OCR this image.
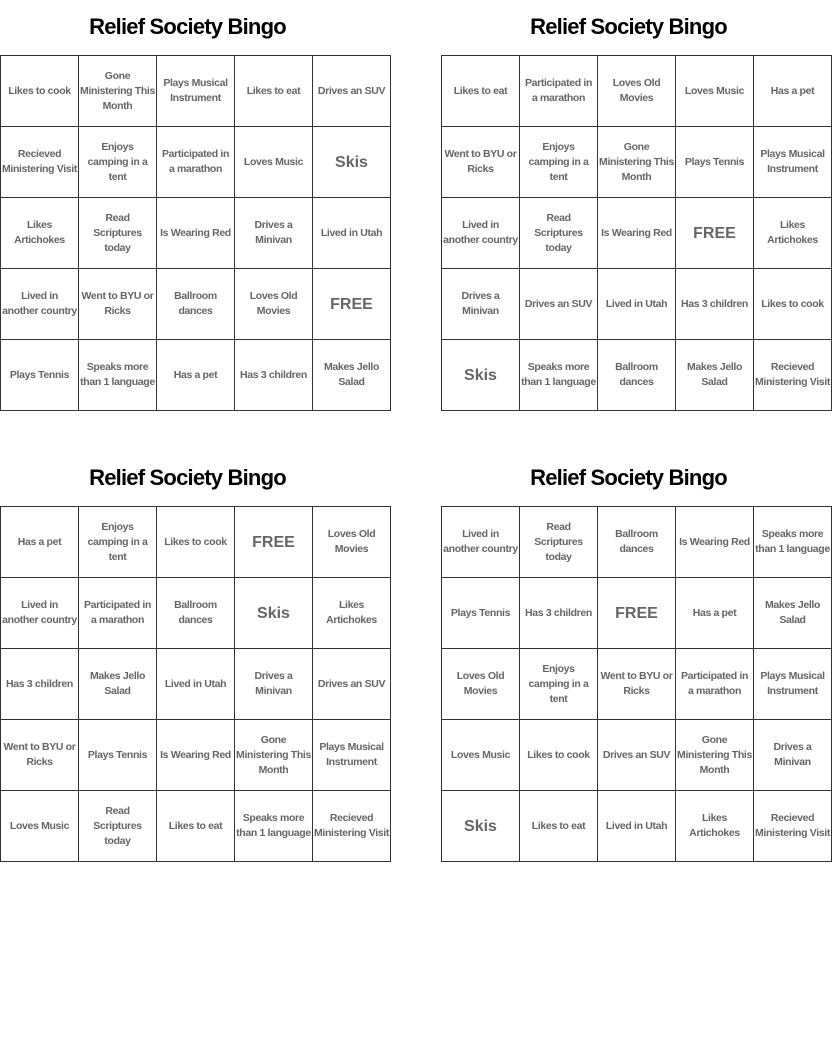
Relief Society Bingo
Likes to cook	Gone Ministering This Month	Plays Musical Instrument	Likes to eat	Drives an SUV
Recieved Ministering Visit	Enjoys camping in a tent	Participated in a marathon	Loves Music	Skis
Likes Artichokes	Read Scriptures today	Is Wearing Red	Drives a Minivan	Lived in Utah
Lived in another country	Went to BYU or Ricks	Ballroom dances	Loves Old Movies	FREE
Plays Tennis	Speaks more than 1 language	Has a pet	Has 3 children	Makes Jello Salad
Relief Society Bingo
Likes to eat	Participated in a marathon	Loves Old Movies	Loves Music	Has a pet
Went to BYU or Ricks	Enjoys camping in a tent	Gone Ministering This Month	Plays Tennis	Plays Musical Instrument
Lived in another country	Read Scriptures today	Is Wearing Red	FREE	Likes Artichokes
Drives a Minivan	Drives an SUV	Lived in Utah	Has 3 children	Likes to cook
Skis	Speaks more than 1 language	Ballroom dances	Makes Jello Salad	Recieved Ministering Visit
Relief Society Bingo
Has a pet	Enjoys camping in a tent	Likes to cook	FREE	Loves Old Movies
Lived in another country	Participated in a marathon	Ballroom dances	Skis	Likes Artichokes
Has 3 children	Makes Jello Salad	Lived in Utah	Drives a Minivan	Drives an SUV
Went to BYU or Ricks	Plays Tennis	Is Wearing Red	Gone Ministering This Month	Plays Musical Instrument
Loves Music	Read Scriptures today	Likes to eat	Speaks more than 1 language	Recieved Ministering Visit
Relief Society Bingo
Lived in another country	Read Scriptures today	Ballroom dances	Is Wearing Red	Speaks more than 1 language
Plays Tennis	Has 3 children	FREE	Has a pet	Makes Jello Salad
Loves Old Movies	Enjoys camping in a tent	Went to BYU or Ricks	Participated in a marathon	Plays Musical Instrument
Loves Music	Likes to cook	Drives an SUV	Gone Ministering This Month	Drives a Minivan
Skis	Likes to eat	Lived in Utah	Likes Artichokes	Recieved Ministering Visit
